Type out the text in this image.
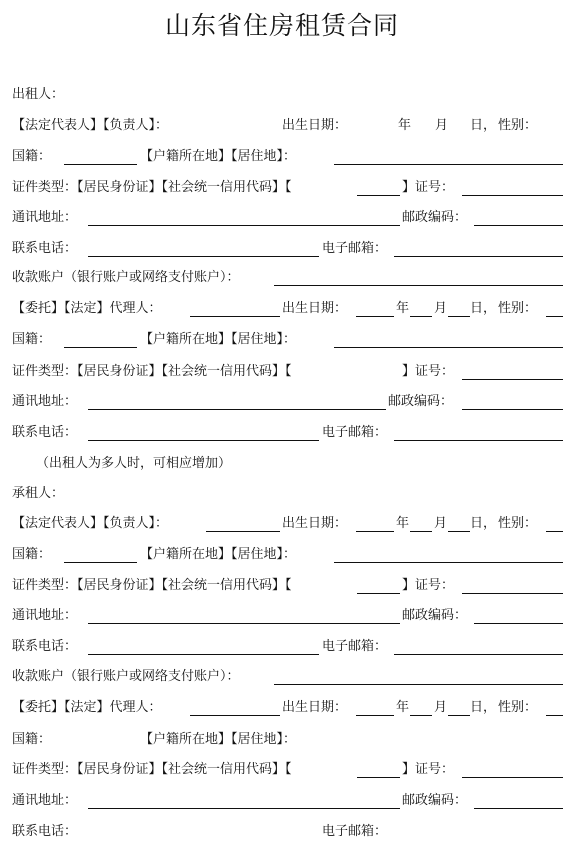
山东省住房租赁合同
出租人：
【法定代表人】【负责人】：	出生日期：	年 月 日， 性别：
国籍：	【户籍所在地】【居住地】：
证件类型：【居民身份证】【社会统一信用代码】【	】证号：
通讯地址：	邮政编码：
联系电话：	电子邮箱：
收款账户（银行账户或网络支付账户）：
【委托】【法定】代理人：	出生日期：	年 月 日， 性别：
国籍：	【户籍所在地】【居住地】：
证件类型：【居民身份证】【社会统一信用代码】【	】证号：
通讯地址：	邮政编码：
联系电话：	电子邮箱：
（出租人为多人时，可相应增加）
承租人：
【法定代表人】【负责人】：	出生日期：	年 月 日， 性别：
国籍：	【户籍所在地】【居住地】：
证件类型：【居民身份证】【社会统一信用代码】【	】证号：
通讯地址：	邮政编码：
联系电话：	电子邮箱：
收款账户（银行账户或网络支付账户）：
【委托】【法定】代理人：	出生日期：	年 月 日， 性别：
国籍：	【户籍所在地】【居住地】：
证件类型：【居民身份证】【社会统一信用代码】【	】证号：
通讯地址：	邮政编码：
联系电话：	电子邮箱：
